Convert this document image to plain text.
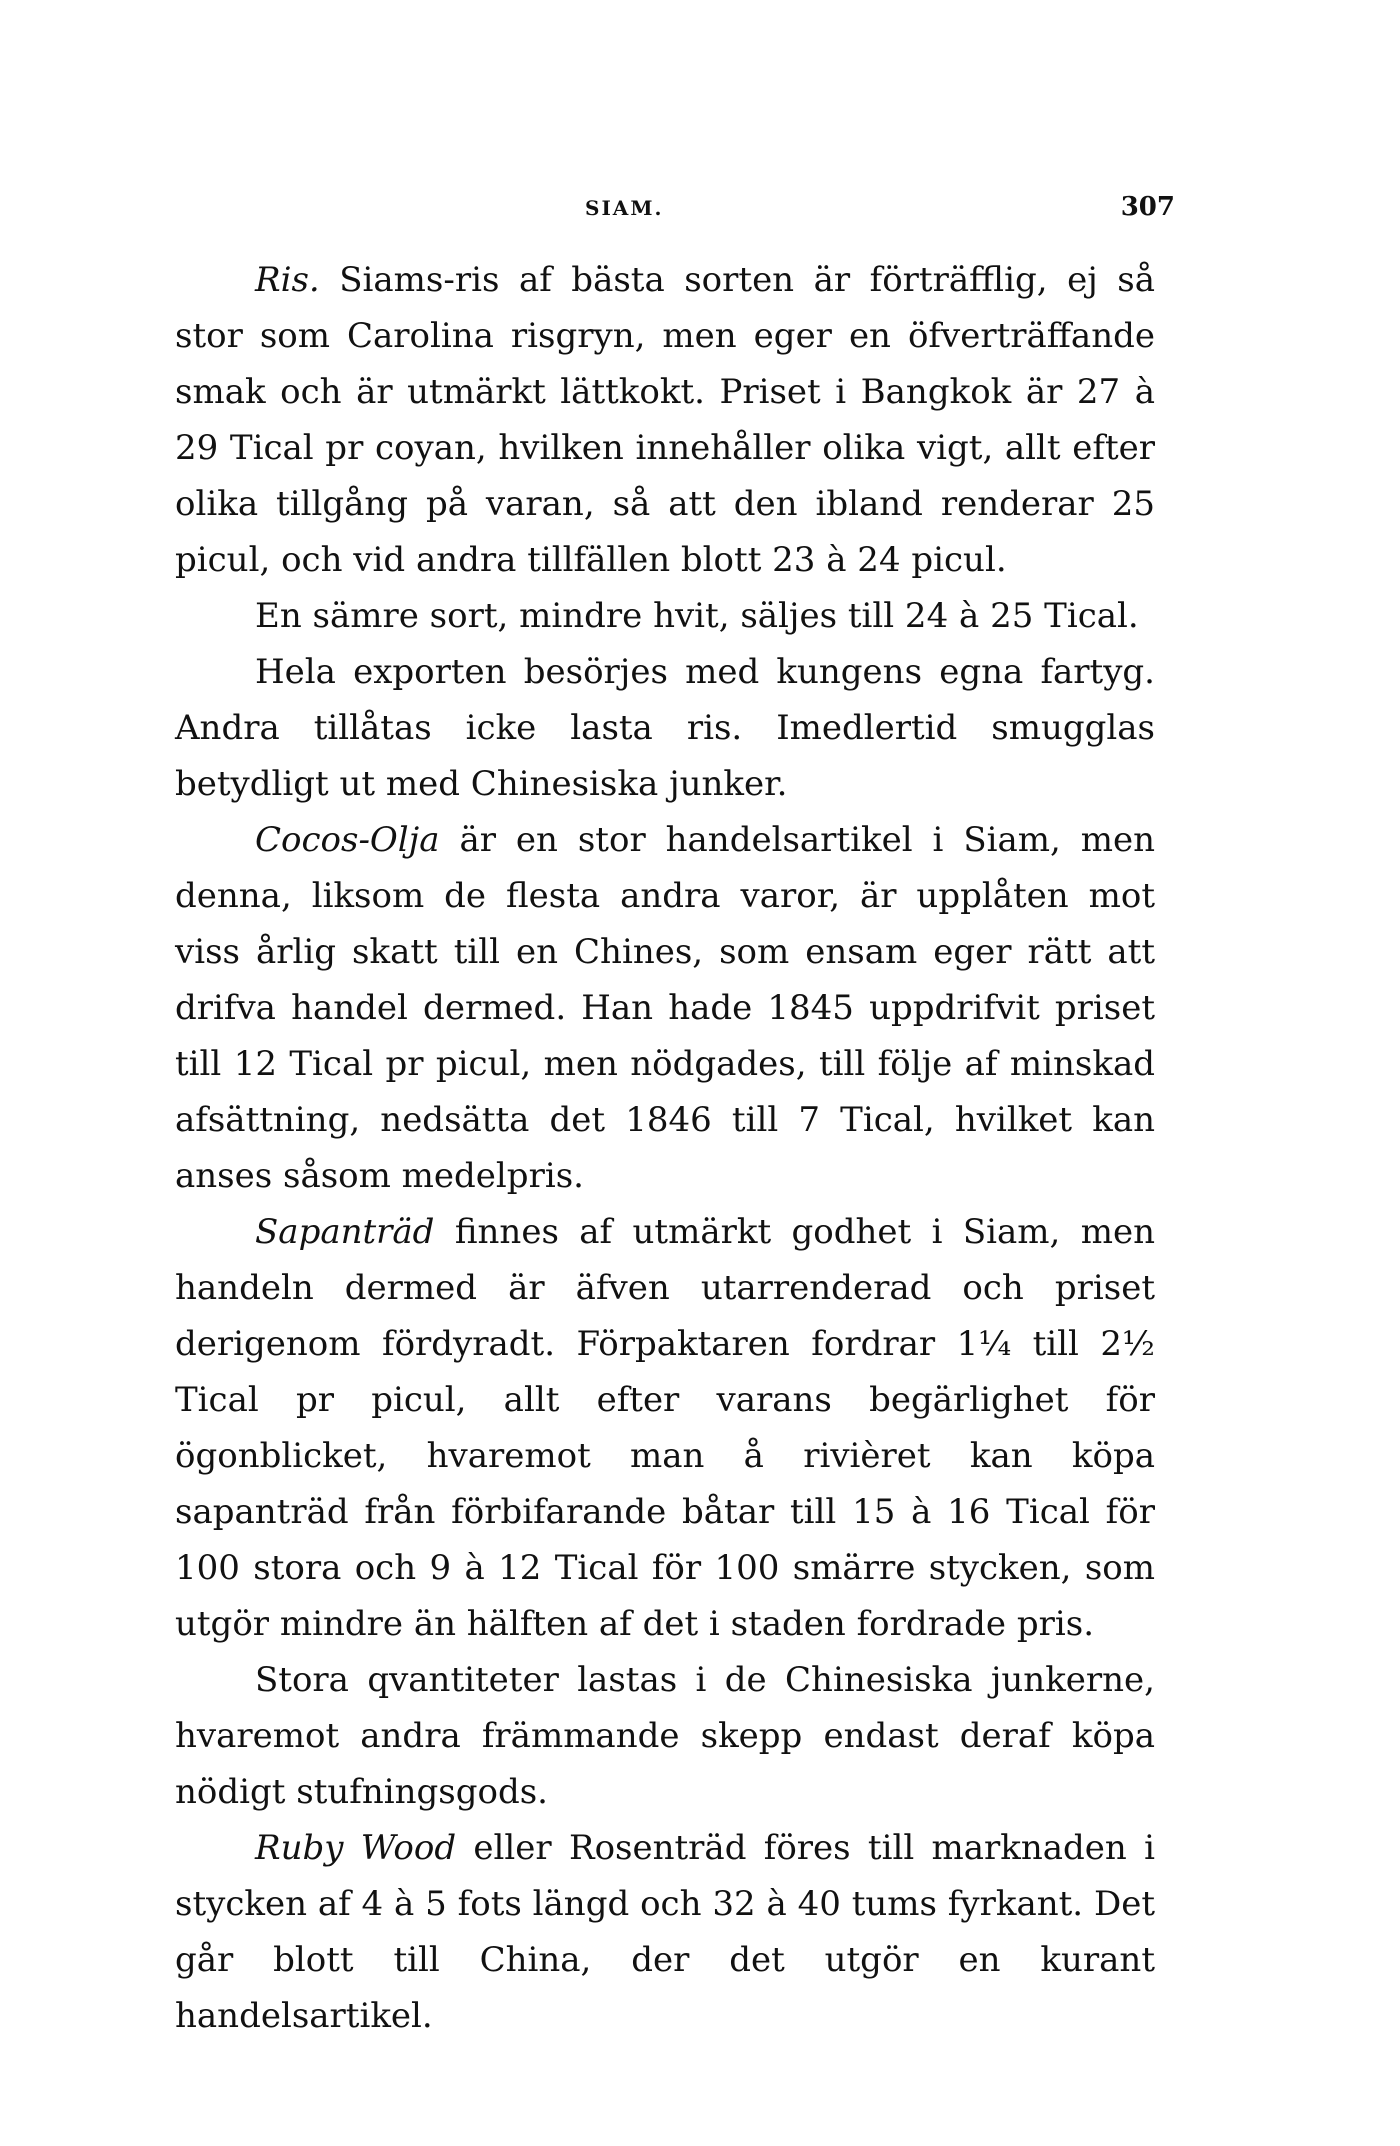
SIAM.	307

Ris. Siams-ris af bästa sorten är förträfflig, ej så stor som Carolina risgryn, men eger en öfverträffande smak och är utmärkt lättkokt. Priset i Bangkok är 27 à 29 Tical pr coyan, hvilken innehåller olika vigt, allt efter olika tillgång på varan, så att den ibland renderar 25 picul, och vid andra tillfällen blott 23 à 24 picul.

En sämre sort, mindre hvit, säljes till 24 à 25 Tical.

Hela exporten besörjes med kungens egna fartyg. Andra tillåtas icke lasta ris. Imedlertid smugglas betydligt ut med Chinesiska junker.

Cocos-Olja är en stor handelsartikel i Siam, men denna, liksom de flesta andra varor, är upplåten mot viss årlig skatt till en Chines, som ensam eger rätt att drifva handel dermed. Han hade 1845 uppdrifvit priset till 12 Tical pr picul, men nödgades, till följe af minskad afsättning, nedsätta det 1846 till 7 Tical, hvilket kan anses såsom medelpris.

Sapanträd finnes af utmärkt godhet i Siam, men handeln dermed är äfven utarrenderad och priset derigenom fördyradt. Förpaktaren fordrar 1¼ till 2½ Tical pr picul, allt efter varans begärlighet för ögonblicket, hvaremot man å rivièret kan köpa sapanträd från förbifarande båtar till 15 à 16 Tical för 100 stora och 9 à 12 Tical för 100 smärre stycken, som utgör mindre än hälften af det i staden fordrade pris.

Stora qvantiteter lastas i de Chinesiska junkerne, hvaremot andra främmande skepp endast deraf köpa nödigt stufningsgods.

Ruby Wood eller Rosenträd föres till marknaden i stycken af 4 à 5 fots längd och 32 à 40 tums fyrkant. Det går blott till China, der det utgör en kurant handelsartikel.
